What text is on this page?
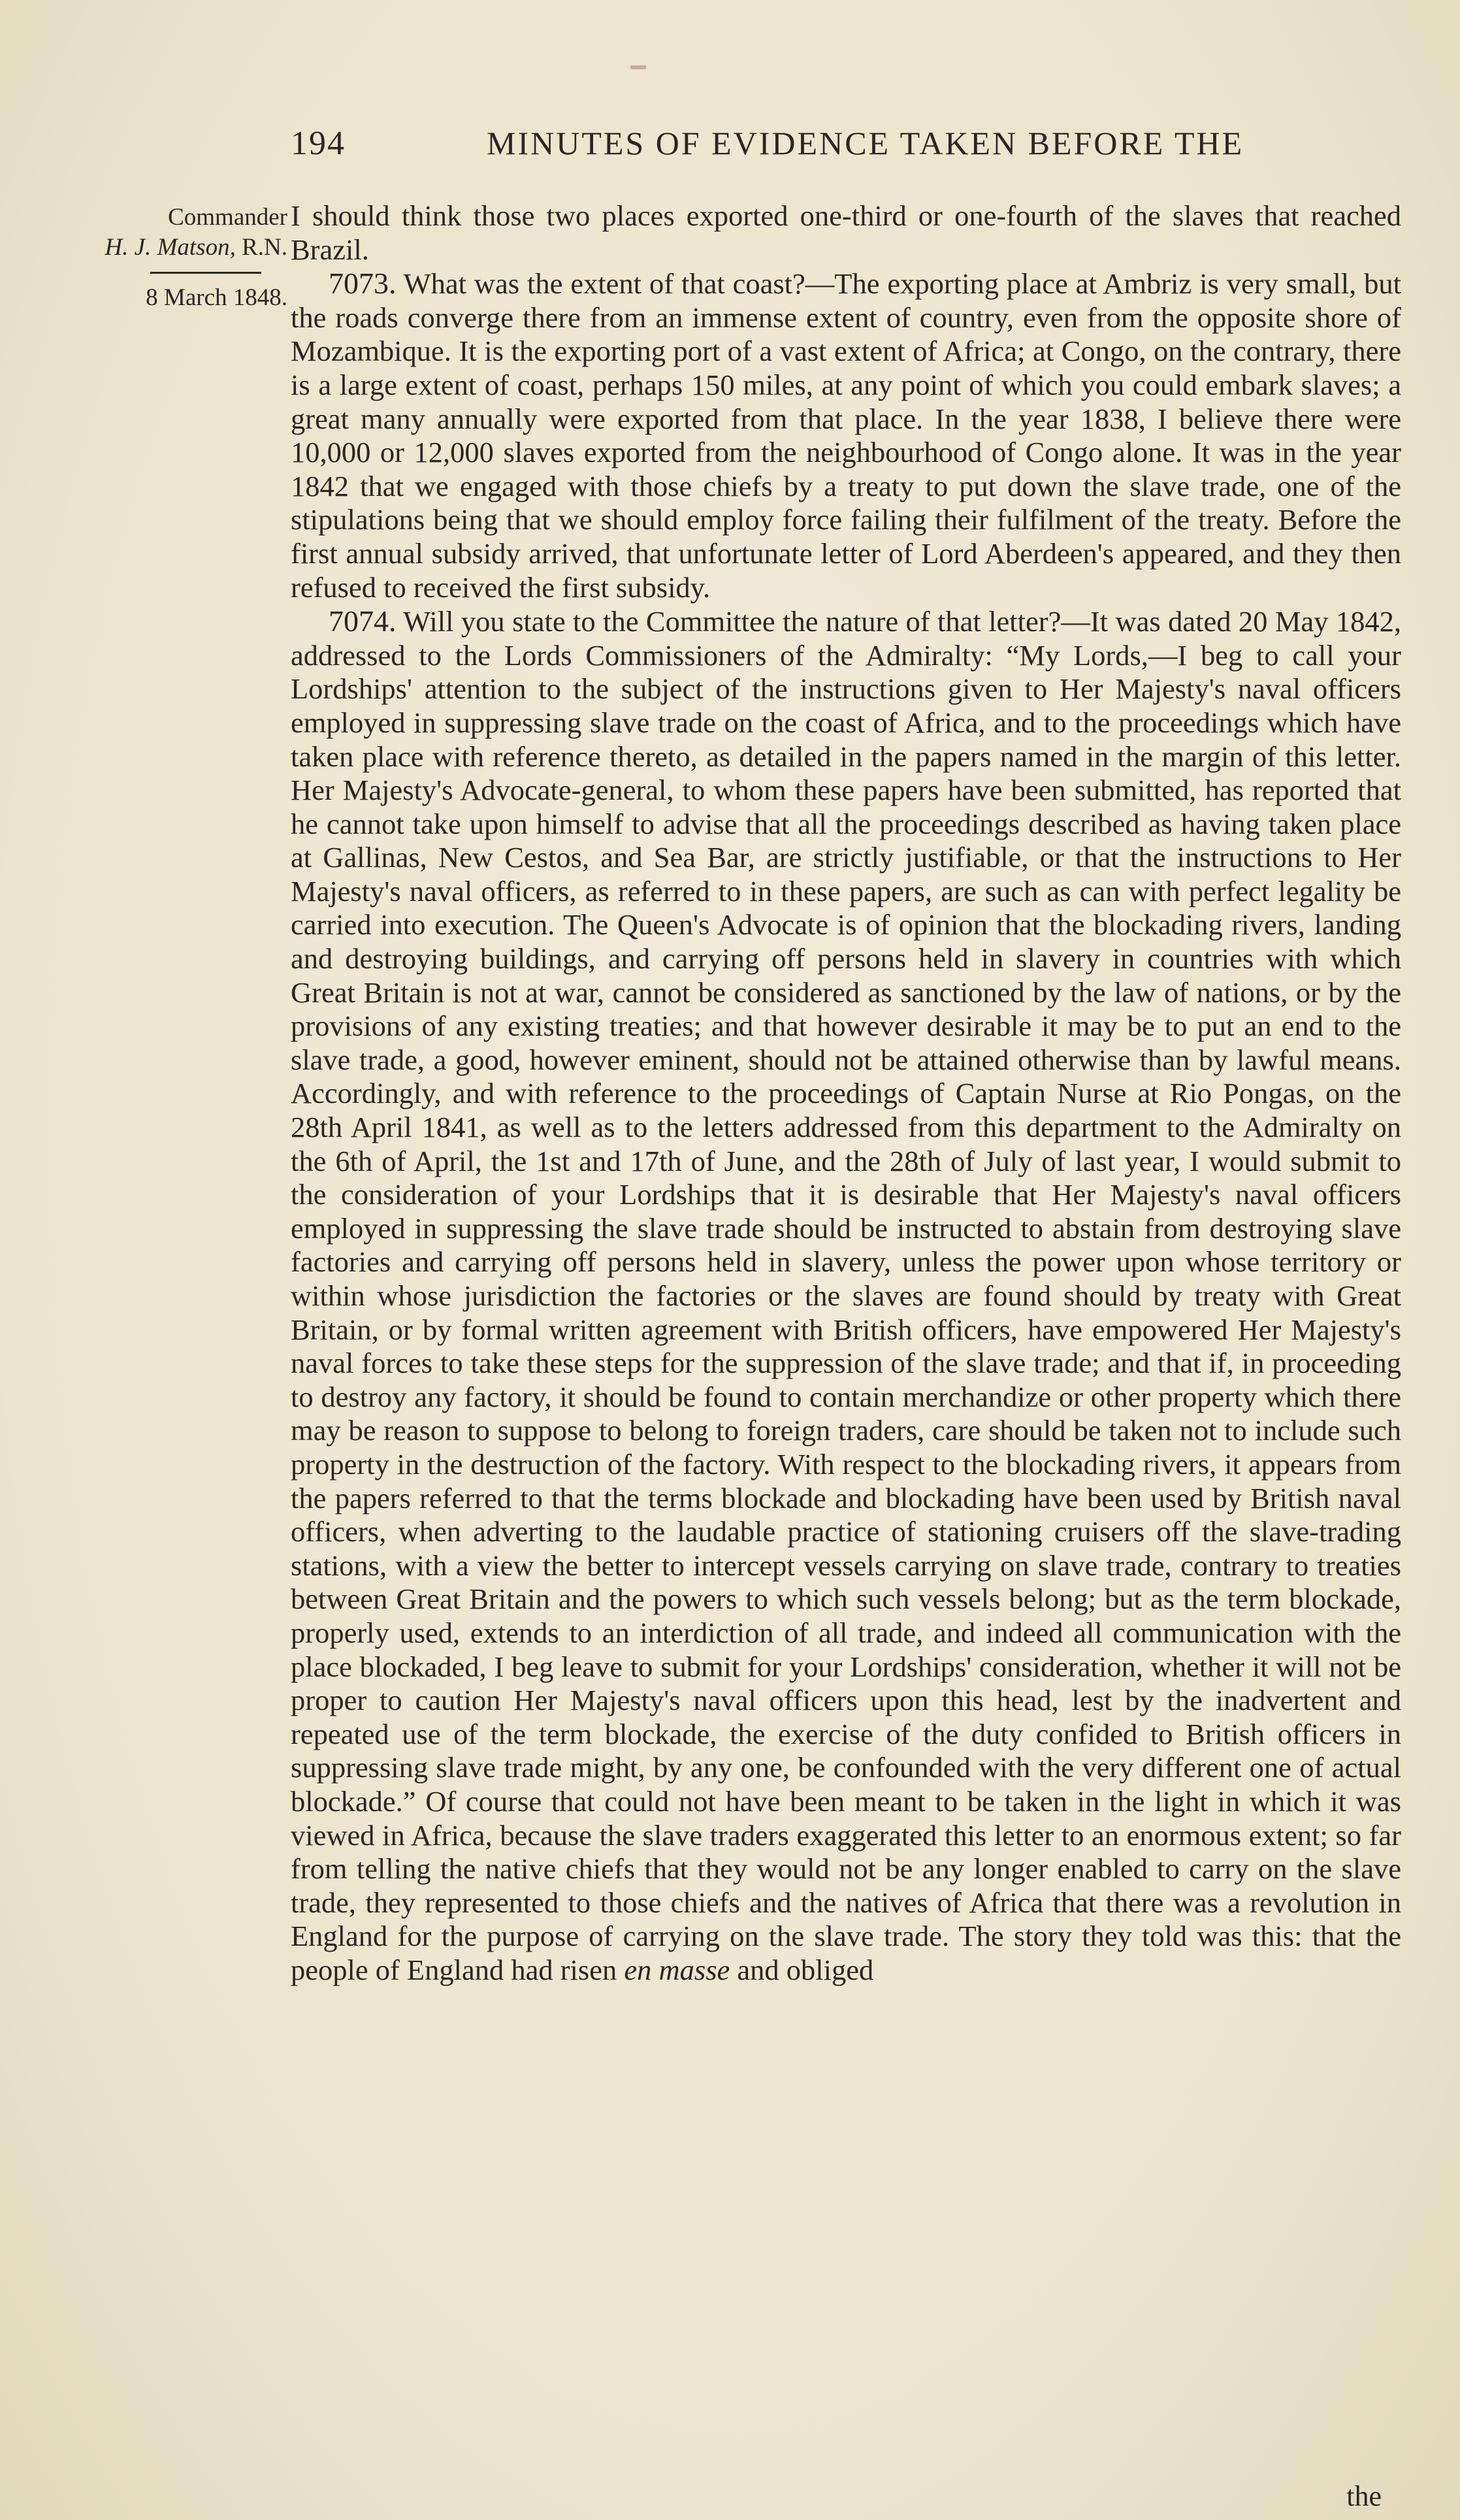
194	MINUTES OF EVIDENCE TAKEN BEFORE THE
Commander
H. J. Matson, R.N.
8 March 1848.

I should think those two places exported one-third or one-fourth of the slaves that reached Brazil.

7073. What was the extent of that coast?—The exporting place at Ambriz is very small, but the roads converge there from an immense extent of country, even from the opposite shore of Mozambique. It is the exporting port of a vast extent of Africa; at Congo, on the contrary, there is a large extent of coast, perhaps 150 miles, at any point of which you could embark slaves; a great many annually were exported from that place. In the year 1838, I believe there were 10,000 or 12,000 slaves exported from the neighbourhood of Congo alone. It was in the year 1842 that we engaged with those chiefs by a treaty to put down the slave trade, one of the stipulations being that we should employ force failing their fulfilment of the treaty. Before the first annual subsidy arrived, that unfortunate letter of Lord Aberdeen's appeared, and they then refused to received the first subsidy.

7074. Will you state to the Committee the nature of that letter?—It was dated 20 May 1842, addressed to the Lords Commissioners of the Admiralty: “My Lords,—I beg to call your Lordships' attention to the subject of the instructions given to Her Majesty's naval officers employed in suppressing slave trade on the coast of Africa, and to the proceedings which have taken place with reference thereto, as detailed in the papers named in the margin of this letter. Her Majesty's Advocate-general, to whom these papers have been submitted, has reported that he cannot take upon himself to advise that all the proceedings described as having taken place at Gallinas, New Cestos, and Sea Bar, are strictly justifiable, or that the instructions to Her Majesty's naval officers, as referred to in these papers, are such as can with perfect legality be carried into execution. The Queen's Advocate is of opinion that the blockading rivers, landing and destroying buildings, and carrying off persons held in slavery in countries with which Great Britain is not at war, cannot be considered as sanctioned by the law of nations, or by the provisions of any existing treaties; and that however desirable it may be to put an end to the slave trade, a good, however eminent, should not be attained otherwise than by lawful means. Accordingly, and with reference to the proceedings of Captain Nurse at Rio Pongas, on the 28th April 1841, as well as to the letters addressed from this department to the Admiralty on the 6th of April, the 1st and 17th of June, and the 28th of July of last year, I would submit to the consideration of your Lordships that it is desirable that Her Majesty's naval officers employed in suppressing the slave trade should be instructed to abstain from destroying slave factories and carrying off persons held in slavery, unless the power upon whose territory or within whose jurisdiction the factories or the slaves are found should by treaty with Great Britain, or by formal written agreement with British officers, have empowered Her Majesty's naval forces to take these steps for the suppression of the slave trade; and that if, in proceeding to destroy any factory, it should be found to contain merchandize or other property which there may be reason to suppose to belong to foreign traders, care should be taken not to include such property in the destruction of the factory. With respect to the blockading rivers, it appears from the papers referred to that the terms blockade and blockading have been used by British naval officers, when adverting to the laudable practice of stationing cruisers off the slave-trading stations, with a view the better to intercept vessels carrying on slave trade, contrary to treaties between Great Britain and the powers to which such vessels belong; but as the term blockade, properly used, extends to an interdiction of all trade, and indeed all communication with the place blockaded, I beg leave to submit for your Lordships' consideration, whether it will not be proper to caution Her Majesty's naval officers upon this head, lest by the inadvertent and repeated use of the term blockade, the exercise of the duty confided to British officers in suppressing slave trade might, by any one, be confounded with the very different one of actual blockade.” Of course that could not have been meant to be taken in the light in which it was viewed in Africa, because the slave traders exaggerated this letter to an enormous extent; so far from telling the native chiefs that they would not be any longer enabled to carry on the slave trade, they represented to those chiefs and the natives of Africa that there was a revolution in England for the purpose of carrying on the slave trade. The story they told was this: that the people of England had risen en masse and obliged

the
